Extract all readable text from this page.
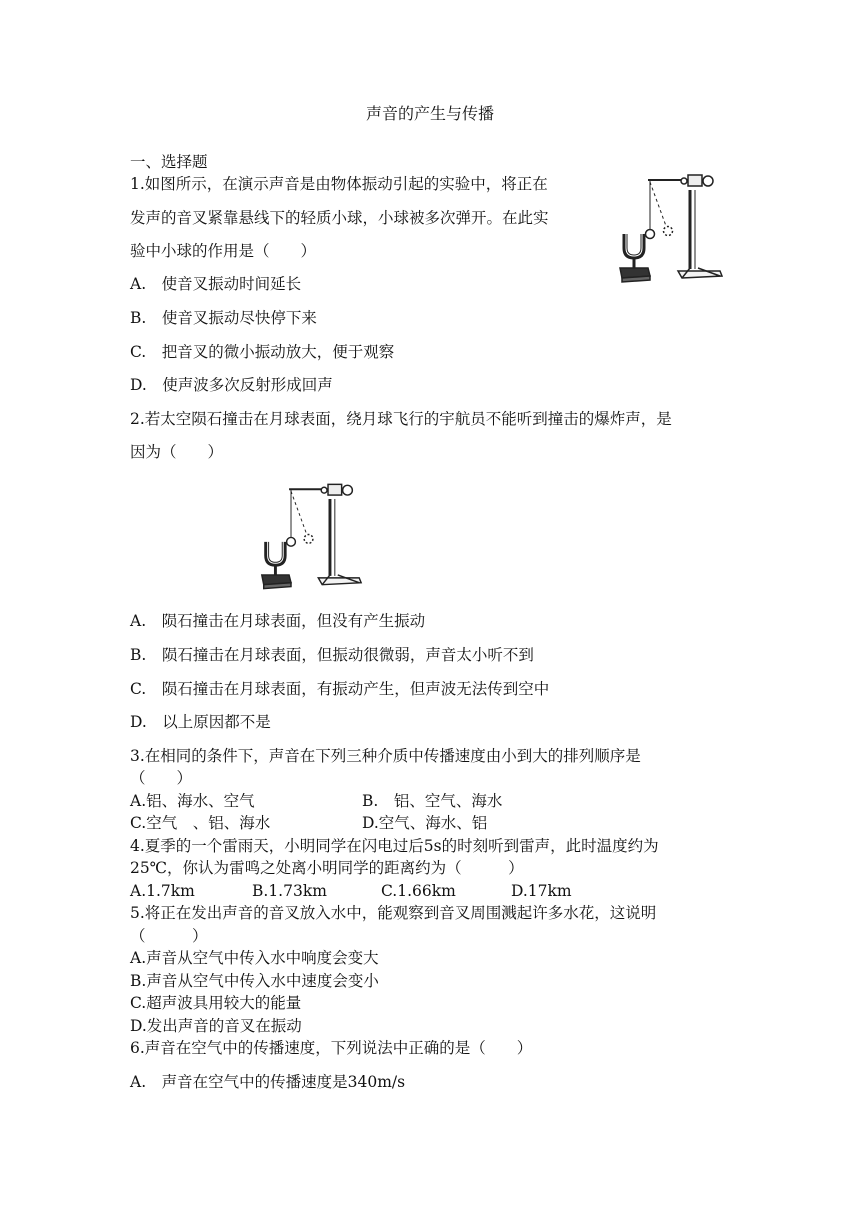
声音的产生与传播
一、选择题
1.如图所示，在演示声音是由物体振动引起的实验中，将正在
发声的音叉紧靠悬线下的轻质小球，小球被多次弹开。在此实
验中小球的作用是（　　）
A.　使音叉振动时间延长
B.　使音叉振动尽快停下来
C.　把音叉的微小振动放大，便于观察
D.　使声波多次反射形成回声
2.若太空陨石撞击在月球表面，绕月球飞行的宇航员不能听到撞击的爆炸声，是
因为（　　）
A.　陨石撞击在月球表面，但没有产生振动
B.　陨石撞击在月球表面，但振动很微弱，声音太小听不到
C.　陨石撞击在月球表面，有振动产生，但声波无法传到空中
D.　以上原因都不是
3.在相同的条件下，声音在下列三种介质中传播速度由小到大的排列顺序是
（　　）
A.铝、海水、空气	B.　铝、空气、海水
C.空气　、铝、海水	D.空气、海水、铝
4.夏季的一个雷雨天，小明同学在闪电过后5s的时刻听到雷声，此时温度约为
25℃，你认为雷鸣之处离小明同学的距离约为（　　　）
A.1.7km	B.1.73km	C.1.66km	D.17km
5.将正在发出声音的音叉放入水中，能观察到音叉周围溅起许多水花，这说明
（　　　）
A.声音从空气中传入水中响度会变大
B.声音从空气中传入水中速度会变小
C.超声波具用较大的能量
D.发出声音的音叉在振动
6.声音在空气中的传播速度，下列说法中正确的是（　　）
A.　声音在空气中的传播速度是340m/s
